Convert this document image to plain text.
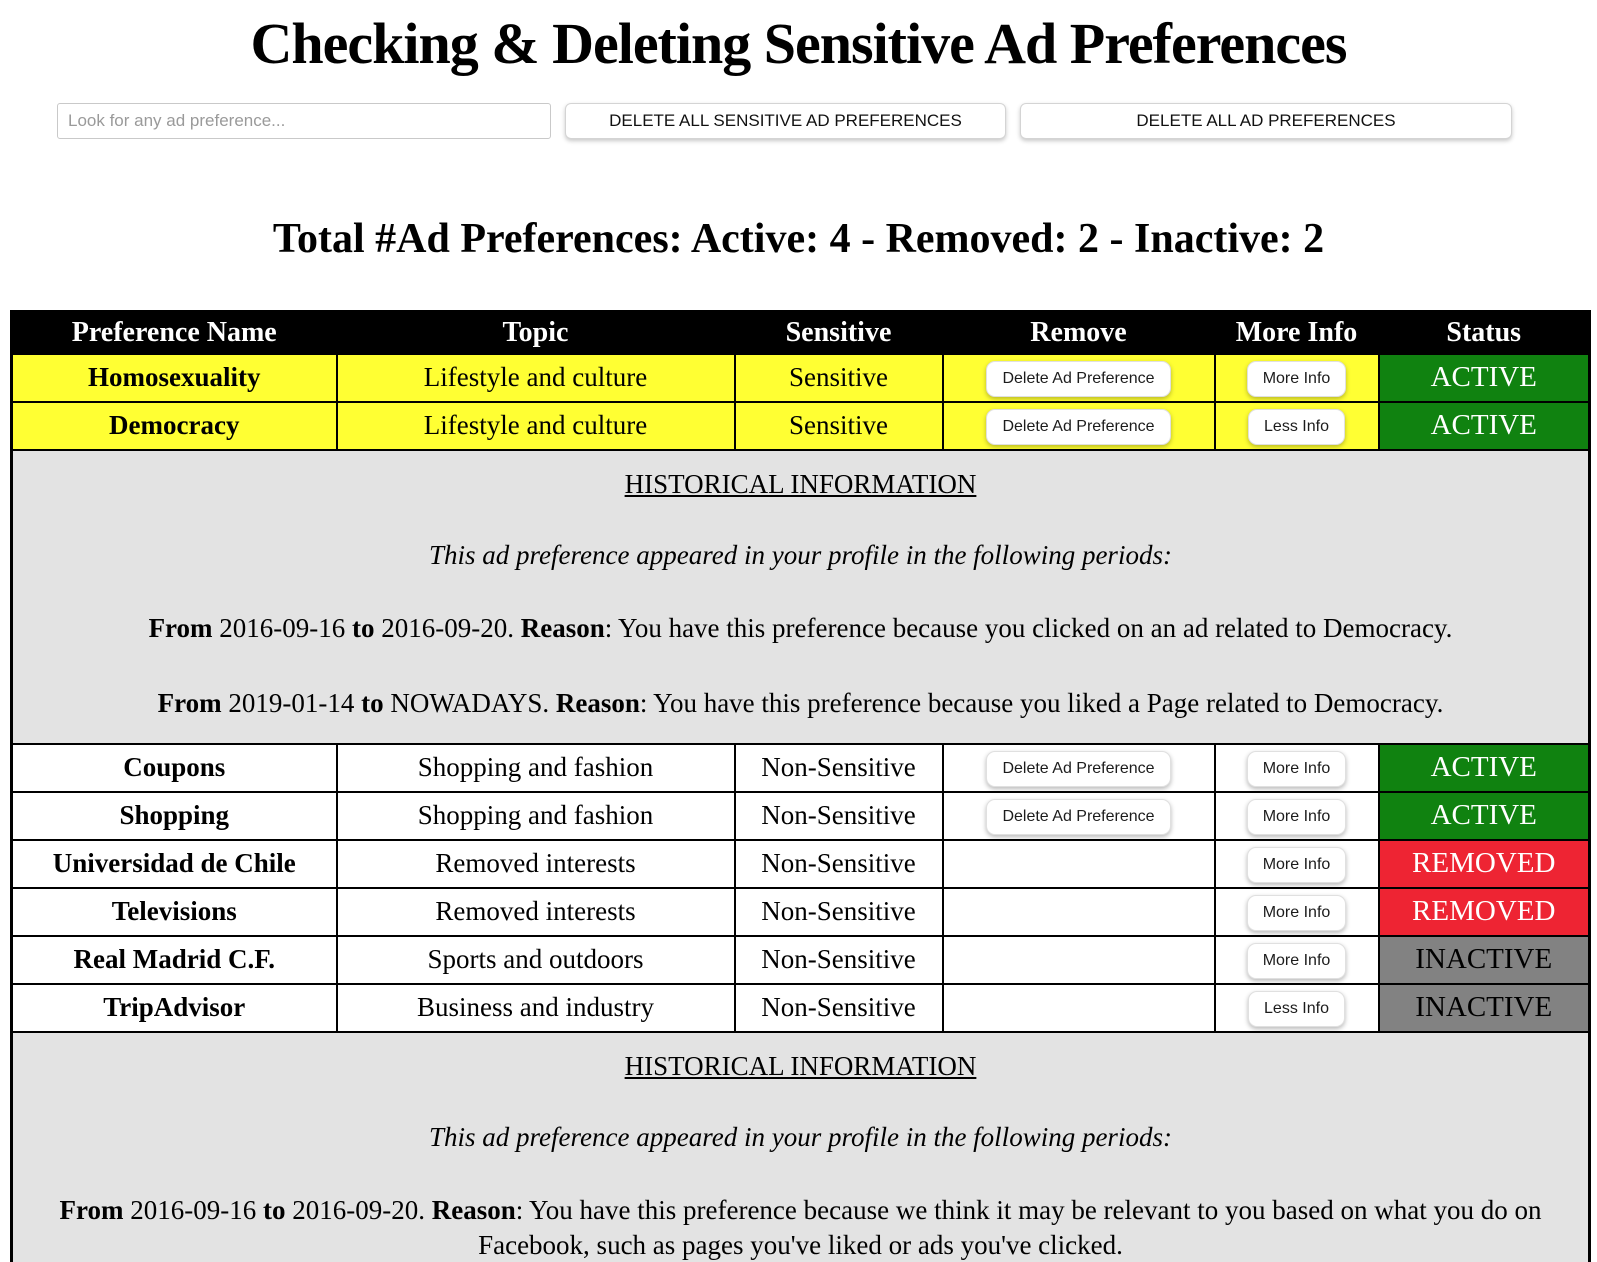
Checking & Deleting Sensitive Ad Preferences
Look for any ad preference...
DELETE ALL SENSITIVE AD PREFERENCES	DELETE ALL AD PREFERENCES
Total #Ad Preferences: Active: 4 - Removed: 2 - Inactive: 2
Preference Name	Topic	Sensitive	Remove	More Info	Status
Homosexuality	Lifestyle and culture	Sensitive	Delete Ad Preference	More Info	ACTIVE
Democracy	Lifestyle and culture	Sensitive	Delete Ad Preference	Less Info	ACTIVE

HISTORICAL INFORMATION

This ad preference appeared in your profile in the following periods:

From 2016-09-16 to 2016-09-20. Reason: You have this preference because you clicked on an ad related to Democracy.

From 2019-01-14 to NOWADAYS. Reason: You have this preference because you liked a Page related to Democracy.					

Coupons	Shopping and fashion	Non-Sensitive	Delete Ad Preference	More Info	ACTIVE
Shopping	Shopping and fashion	Non-Sensitive	Delete Ad Preference	More Info	ACTIVE
Universidad de Chile	Removed interests	Non-Sensitive		More Info	REMOVED
Televisions	Removed interests	Non-Sensitive		More Info	REMOVED
Real Madrid C.F.	Sports and outdoors	Non-Sensitive		More Info	INACTIVE
TripAdvisor	Business and industry	Non-Sensitive		Less Info	INACTIVE

HISTORICAL INFORMATION

This ad preference appeared in your profile in the following periods:

From 2016-09-16 to 2016-09-20. Reason: You have this preference because we think it may be relevant to you based on what you do on Facebook, such as pages you've liked or ads you've clicked.					
